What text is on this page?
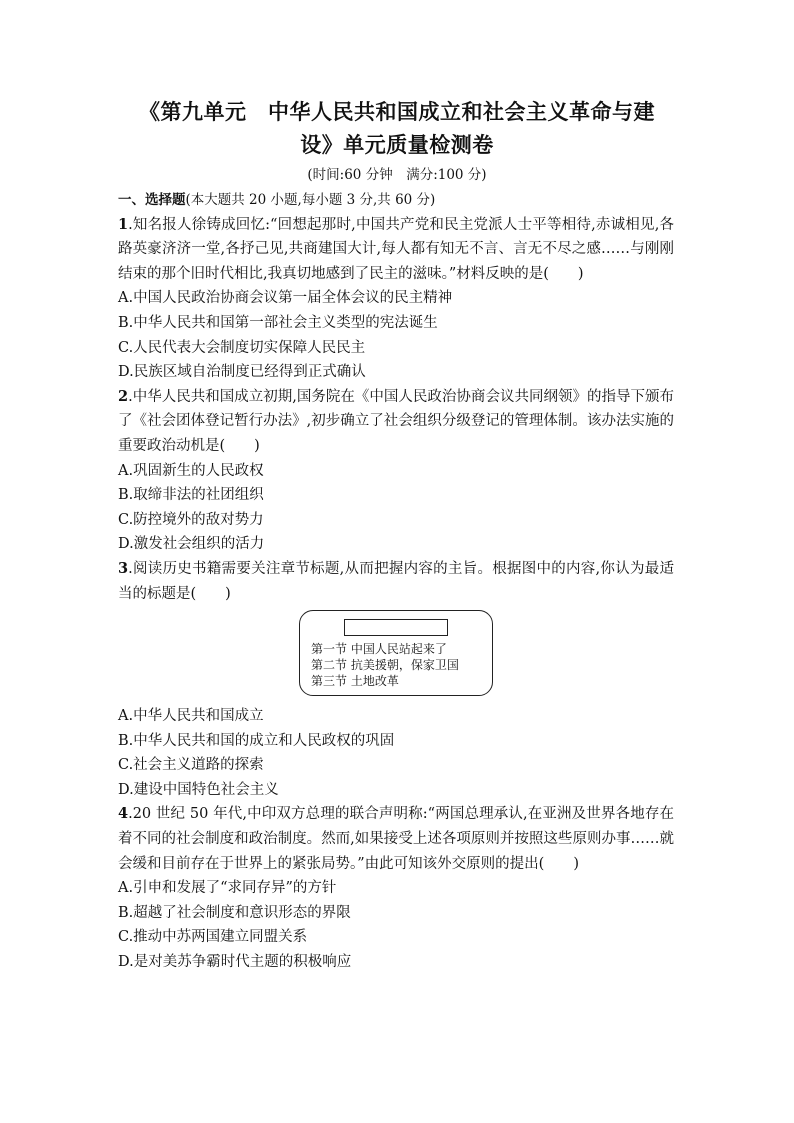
《第九单元　中华人民共和国成立和社会主义革命与建
设》单元质量检测卷
(时间:60 分钟　满分:100 分)
一、选择题(本大题共 20 小题,每小题 3 分,共 60 分)
1.知名报人徐铸成回忆:“回想起那时,中国共产党和民主党派人士平等相待,赤诚相见,各路英豪济济一堂,各抒己见,共商建国大计,每人都有知无不言、言无不尽之感……与刚刚结束的那个旧时代相比,我真切地感到了民主的滋味。”材料反映的是(　　)
A.中国人民政治协商会议第一届全体会议的民主精神
B.中华人民共和国第一部社会主义类型的宪法诞生
C.人民代表大会制度切实保障人民民主
D.民族区域自治制度已经得到正式确认
2.中华人民共和国成立初期,国务院在《中国人民政治协商会议共同纲领》的指导下颁布了《社会团体登记暂行办法》,初步确立了社会组织分级登记的管理体制。该办法实施的重要政治动机是(　　)
A.巩固新生的人民政权
B.取缔非法的社团组织
C.防控境外的敌对势力
D.激发社会组织的活力
3.阅读历史书籍需要关注章节标题,从而把握内容的主旨。根据图中的内容,你认为最适当的标题是(　　)
第一节 中国人民站起来了
第二节 抗美援朝，保家卫国
第三节 土地改革
A.中华人民共和国成立
B.中华人民共和国的成立和人民政权的巩固
C.社会主义道路的探索
D.建设中国特色社会主义
4.20 世纪 50 年代,中印双方总理的联合声明称:“两国总理承认,在亚洲及世界各地存在着不同的社会制度和政治制度。然而,如果接受上述各项原则并按照这些原则办事……就会缓和目前存在于世界上的紧张局势。”由此可知该外交原则的提出(　　)
A.引申和发展了“求同存异”的方针
B.超越了社会制度和意识形态的界限
C.推动中苏两国建立同盟关系
D.是对美苏争霸时代主题的积极响应
